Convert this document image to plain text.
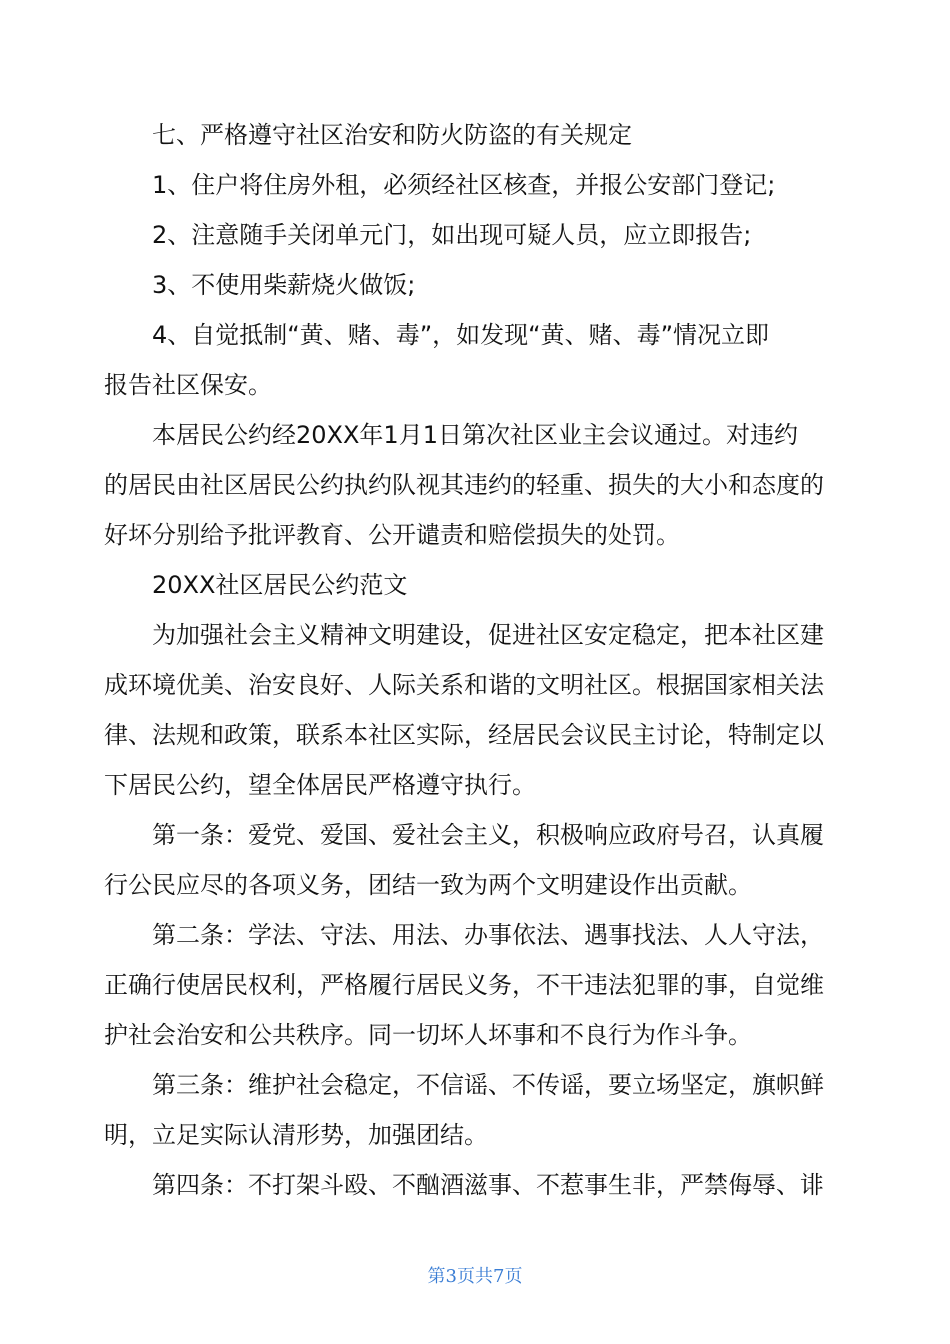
七、严格遵守社区治安和防火防盗的有关规定
1、住户将住房外租，必须经社区核查，并报公安部门登记;
2、注意随手关闭单元门，如出现可疑人员，应立即报告;
3、不使用柴薪烧火做饭;
4、自觉抵制“黄、赌、毒”，如发现“黄、赌、毒”情况立即
报告社区保安。
本居民公约经20XX年1月1日第次社区业主会议通过。对违约
的居民由社区居民公约执约队视其违约的轻重、损失的大小和态度的
好坏分别给予批评教育、公开谴责和赔偿损失的处罚。
20XX社区居民公约范文
为加强社会主义精神文明建设，促进社区安定稳定，把本社区建
成环境优美、治安良好、人际关系和谐的文明社区。根据国家相关法
律、法规和政策，联系本社区实际，经居民会议民主讨论，特制定以
下居民公约，望全体居民严格遵守执行。
第一条：爱党、爱国、爱社会主义，积极响应政府号召，认真履
行公民应尽的各项义务，团结一致为两个文明建设作出贡献。
第二条：学法、守法、用法、办事依法、遇事找法、人人守法，
正确行使居民权利，严格履行居民义务，不干违法犯罪的事，自觉维
护社会治安和公共秩序。同一切坏人坏事和不良行为作斗争。
第三条：维护社会稳定，不信谣、不传谣，要立场坚定，旗帜鲜
明，立足实际认清形势，加强团结。
第四条：不打架斗殴、不酗酒滋事、不惹事生非，严禁侮辱、诽
第3页共7页
